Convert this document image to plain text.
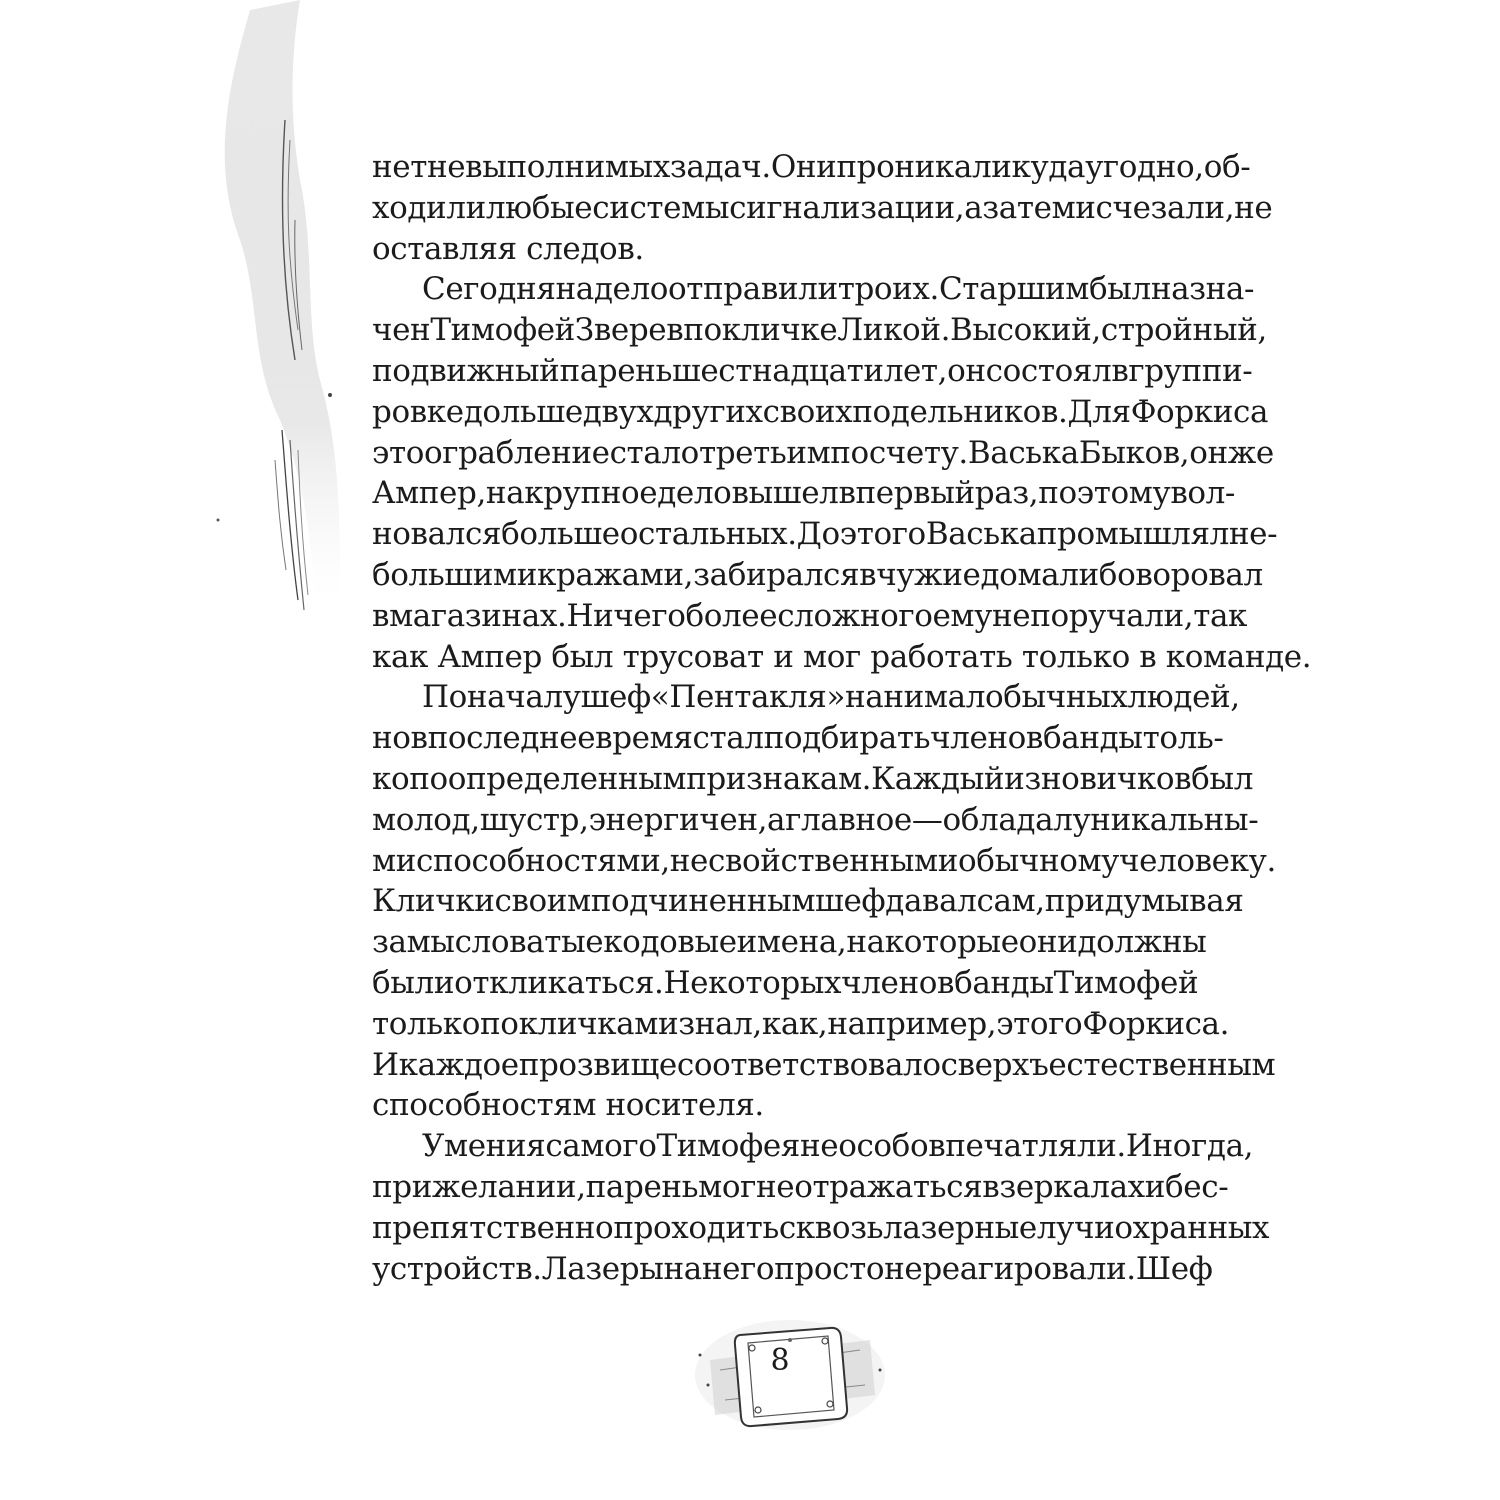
нет невыполнимых задач. Они проникали куда угодно, об-
ходили любые системы сигнализации, а затем исчезали, не
оставляя следов.
Сегодня на дело отправили троих. Старшим был назна-
чен Тимофей Зверев по кличке Ликой. Высокий, стройный,
подвижный парень шестнадцати лет, он состоял в группи-
ровке дольше двух других своих подельников. Для Форкиса
это ограбление стало третьим по счету. Васька Быков, он же
Ампер, на крупное дело вышел в первый раз, поэтому вол-
новался больше остальных. До этого Васька промышлял не-
большими кражами, забирался в чужие дома либо воровал
в магазинах. Ничего более сложного ему не поручали, так
как Ампер был трусоват и мог работать только в команде.
Поначалу шеф «Пентакля» нанимал обычных людей,
но в последнее время стал подбирать членов банды толь-
ко по определенным признакам. Каждый из новичков был
молод, шустр, энергичен, а главное — обладал уникальны-
ми способностями, не свойственными обычному человеку.
Клички своим подчиненным шеф давал сам, придумывая
замысловатые кодовые имена, на которые они должны
были откликаться. Некоторых членов банды Тимофей
только по кличкам и знал, как, например, этого Форкиса.
И каждое прозвище соответствовало сверхъестественным
способностям носителя.
Умения самого Тимофея не особо впечатляли. Иногда,
при желании, парень мог не отражаться в зеркалах и бес-
препятственно проходить сквозь лазерные лучи охранных
устройств. Лазеры на него просто не реагировали. Шеф
8
